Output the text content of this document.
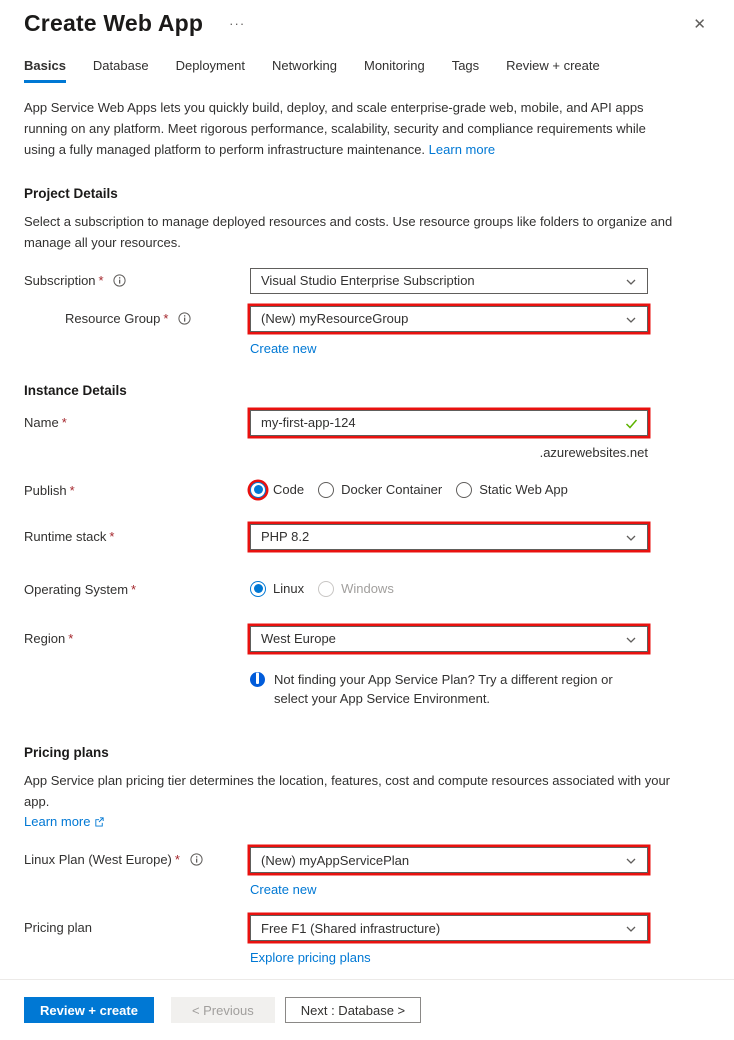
Create Web App ···	✕
Basics Database Deployment Networking Monitoring Tags Review + create
App Service Web Apps lets you quickly build, deploy, and scale enterprise-grade web, mobile, and API apps running on any platform. Meet rigorous performance, scalability, security and compliance requirements while using a fully managed platform to perform infrastructure maintenance. Learn more
Project Details
Select a subscription to manage deployed resources and costs. Use resource groups like folders to organize and manage all your resources.
Subscription *	Visual Studio Enterprise Subscription
Resource Group *	(New) myResourceGroup
Create new
Instance Details
Name *
my-first-app-124
.azurewebsites.net
Publish *	Code	Docker Container	Static Web App
Runtime stack *	PHP 8.2
Operating System *	Linux	Windows
Region *	West Europe
Not finding your App Service Plan? Try a different region or select your App Service Environment.
Pricing plans
App Service plan pricing tier determines the location, features, cost and compute resources associated with your app.
Learn more
Linux Plan (West Europe) *	(New) myAppServicePlan
Create new
Pricing plan	Free F1 (Shared infrastructure)
Explore pricing plans
Review + create	< Previous	Next : Database >
